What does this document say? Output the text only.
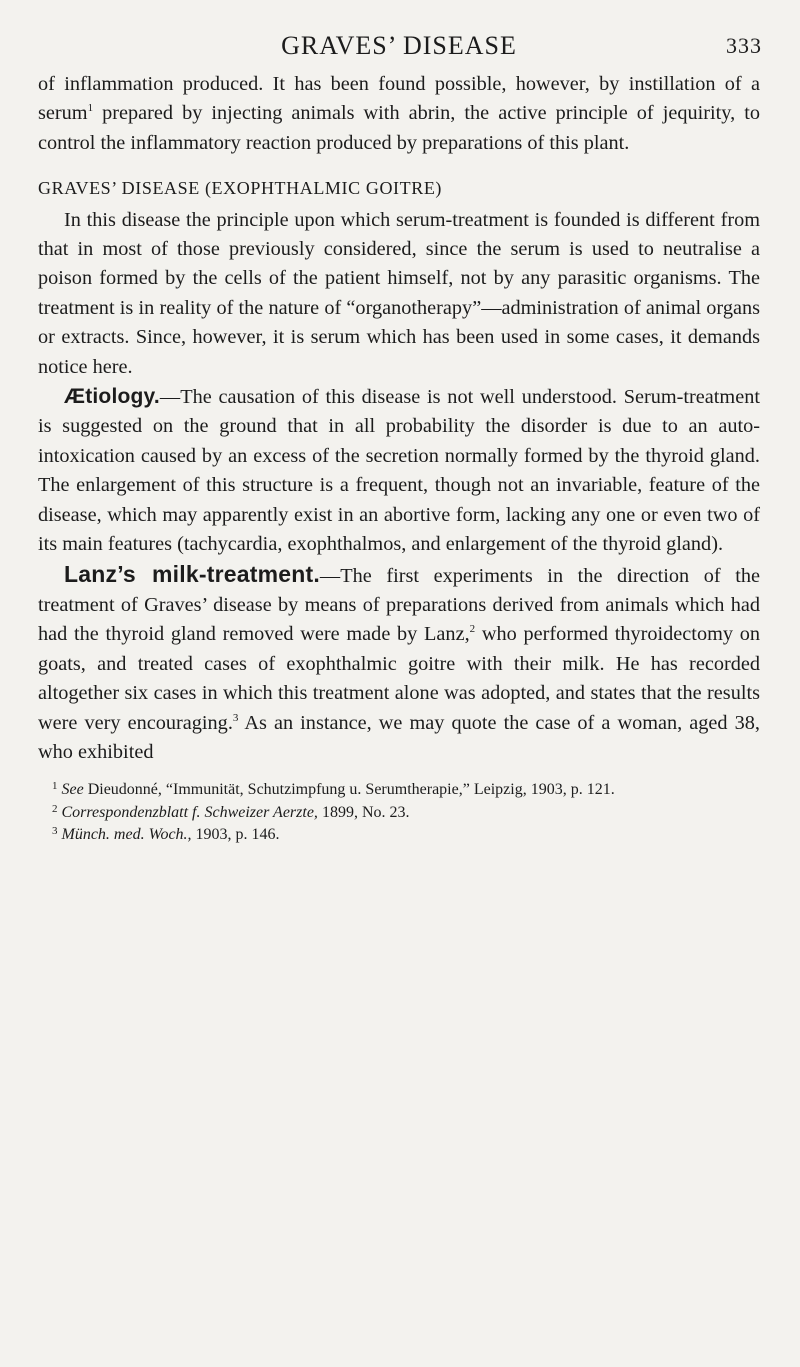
GRAVES’ DISEASE	333

of inflammation produced. It has been found possible, however, by instillation of a serum$^1$ prepared by injecting animals with abrin, the active principle of jequirity, to control the inflammatory reaction produced by preparations of this plant.

GRAVES’ DISEASE (EXOPHTHALMIC GOITRE)

In this disease the principle upon which serum-treatment is founded is different from that in most of those previously considered, since the serum is used to neutralise a poison formed by the cells of the patient himself, not by any parasitic organisms. The treatment is in reality of the nature of “organotherapy”—administration of animal organs or extracts. Since, however, it is serum which has been used in some cases, it demands notice here.

Ætiology.—The causation of this disease is not well understood. Serum-treatment is suggested on the ground that in all probability the disorder is due to an auto-intoxication caused by an excess of the secretion normally formed by the thyroid gland. The enlargement of this structure is a frequent, though not an invariable, feature of the disease, which may apparently exist in an abortive form, lacking any one or even two of its main features (tachycardia, exophthalmos, and enlargement of the thyroid gland).

Lanz’s milk-treatment.—The first experiments in the direction of the treatment of Graves’ disease by means of preparations derived from animals which had had the thyroid gland removed were made by Lanz,$^2$ who performed thyroidectomy on goats, and treated cases of exophthalmic goitre with their milk. He has recorded altogether six cases in which this treatment alone was adopted, and states that the results were very encouraging.$^3$ As an instance, we may quote the case of a woman, aged 38, who exhibited

$^1$ See Dieudonné, “Immunität, Schutzimpfung u. Serumtherapie,” Leipzig, 1903, p. 121.

$^2$ Correspondenzblatt f. Schweizer Aerzte, 1899, No. 23.

$^3$ Münch. med. Woch., 1903, p. 146.
